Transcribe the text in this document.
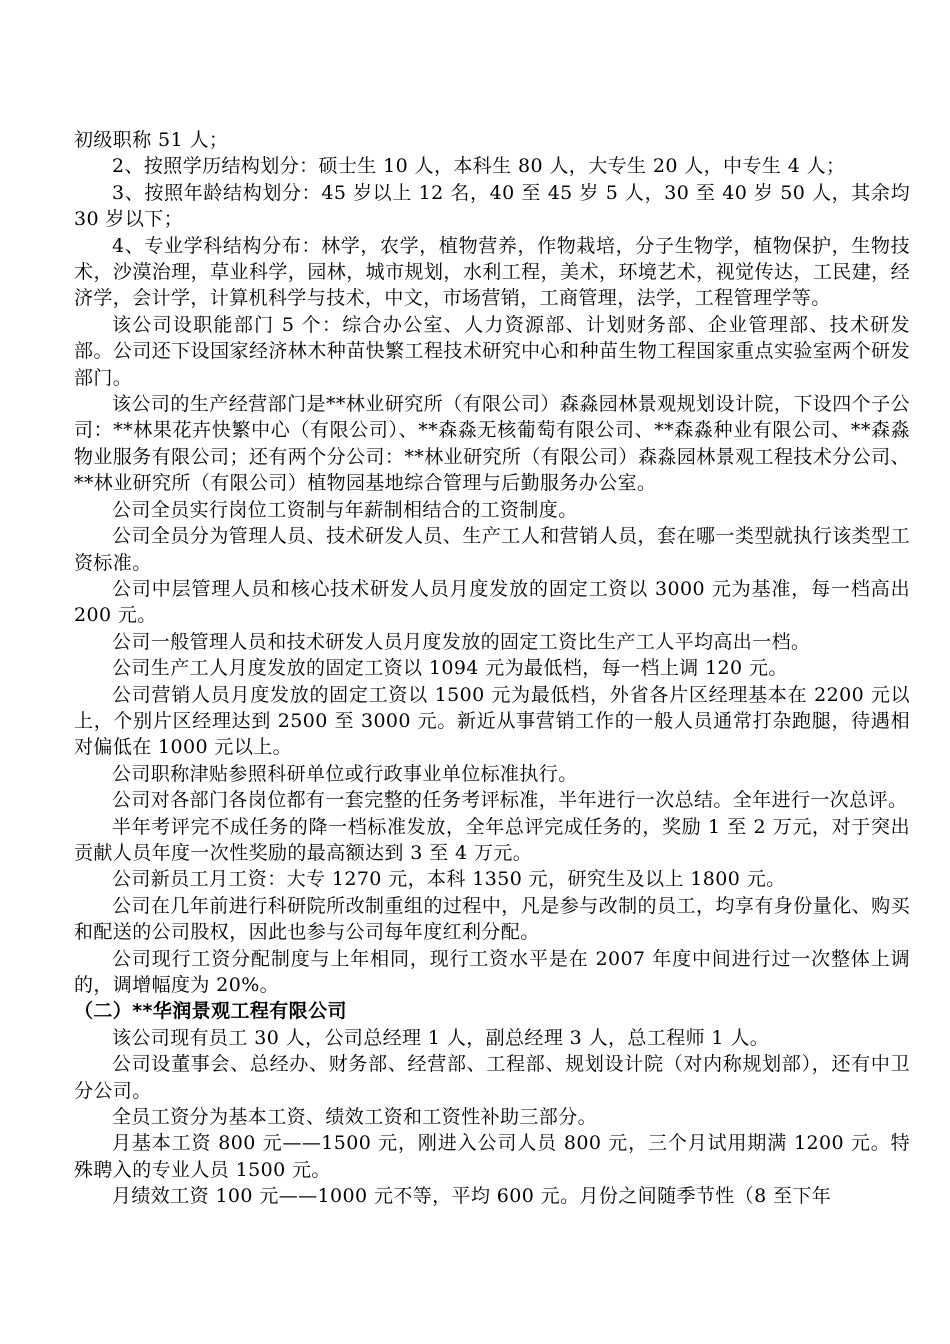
初级职称 51 人；

2、按照学历结构划分：硕士生 10 人，本科生 80 人，大专生 20 人，中专生 4 人；

3、按照年龄结构划分：45 岁以上 12 名，40 至 45 岁 5 人，30 至 40 岁 50 人，其余均 30 岁以下；

4、专业学科结构分布：林学，农学，植物营养，作物栽培，分子生物学，植物保护，生物技术，沙漠治理，草业科学，园林，城市规划，水利工程，美术，环境艺术，视觉传达，工民建，经济学，会计学，计算机科学与技术，中文，市场营销，工商管理，法学，工程管理学等。

该公司设职能部门 5 个：综合办公室、人力资源部、计划财务部、企业管理部、技术研发部。公司还下设国家经济林木种苗快繁工程技术研究中心和种苗生物工程国家重点实验室两个研发部门。

该公司的生产经营部门是**林业研究所（有限公司）森淼园林景观规划设计院，下设四个子公司：**林果花卉快繁中心（有限公司）、**森淼无核葡萄有限公司、**森淼种业有限公司、**森淼物业服务有限公司；还有两个分公司：**林业研究所（有限公司）森淼园林景观工程技术分公司、**林业研究所（有限公司）植物园基地综合管理与后勤服务办公室。

公司全员实行岗位工资制与年薪制相结合的工资制度。

公司全员分为管理人员、技术研发人员、生产工人和营销人员，套在哪一类型就执行该类型工资标准。

公司中层管理人员和核心技术研发人员月度发放的固定工资以 3000 元为基准，每一档高出 200 元。

公司一般管理人员和技术研发人员月度发放的固定工资比生产工人平均高出一档。

公司生产工人月度发放的固定工资以 1094 元为最低档，每一档上调 120 元。

公司营销人员月度发放的固定工资以 1500 元为最低档，外省各片区经理基本在 2200 元以上，个别片区经理达到 2500 至 3000 元。新近从事营销工作的一般人员通常打杂跑腿，待遇相对偏低在 1000 元以上。

公司职称津贴参照科研单位或行政事业单位标准执行。

公司对各部门各岗位都有一套完整的任务考评标准，半年进行一次总结。全年进行一次总评。

半年考评完不成任务的降一档标准发放，全年总评完成任务的，奖励 1 至 2 万元，对于突出贡献人员年度一次性奖励的最高额达到 3 至 4 万元。

公司新员工月工资：大专 1270 元，本科 1350 元，研究生及以上 1800 元。

公司在几年前进行科研院所改制重组的过程中，凡是参与改制的员工，均享有身份量化、购买和配送的公司股权，因此也参与公司每年度红利分配。

公司现行工资分配制度与上年相同，现行工资水平是在 2007 年度中间进行过一次整体上调的，调增幅度为 20%。

（二）**华润景观工程有限公司

该公司现有员工 30 人，公司总经理 1 人，副总经理 3 人，总工程师 1 人。

公司设董事会、总经办、财务部、经营部、工程部、规划设计院（对内称规划部），还有中卫分公司。

全员工资分为基本工资、绩效工资和工资性补助三部分。

月基本工资 800 元——1500 元，刚进入公司人员 800 元，三个月试用期满 1200 元。特殊聘入的专业人员 1500 元。

月绩效工资 100 元——1000 元不等，平均 600 元。月份之间随季节性（8 至下年
